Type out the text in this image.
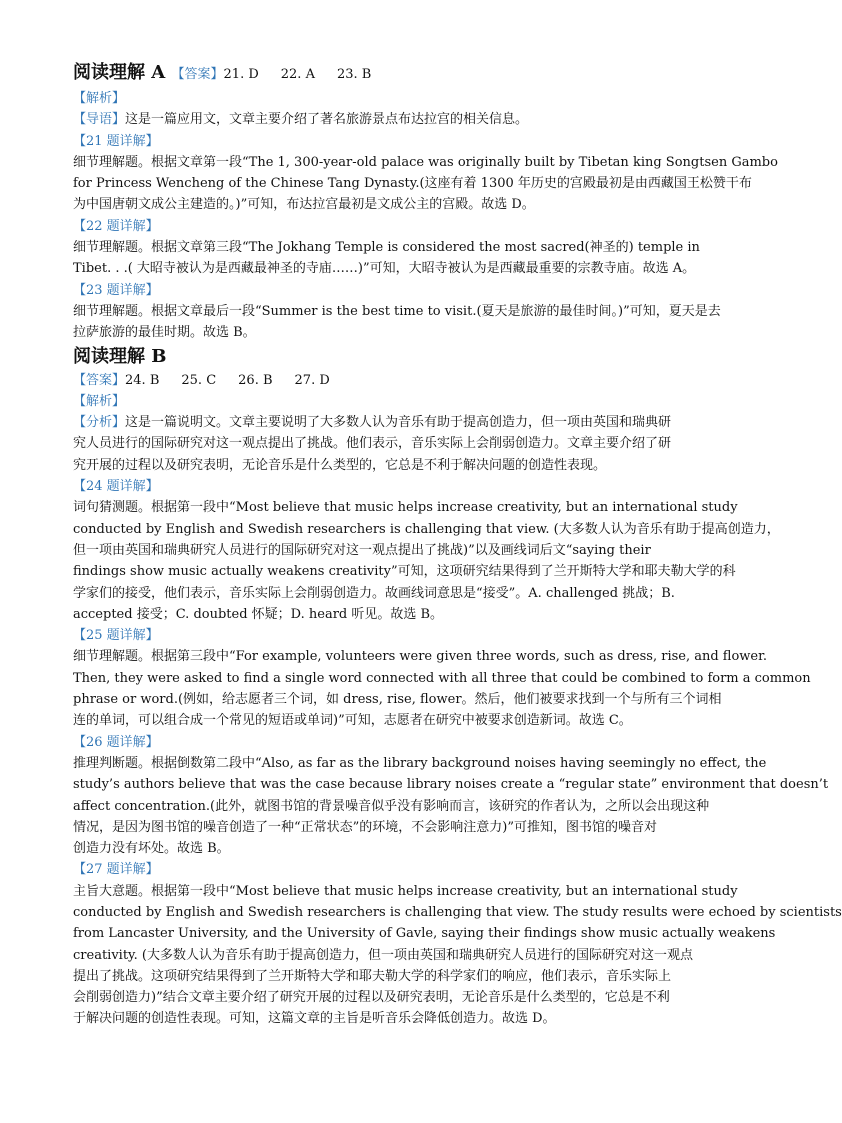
阅读理解 A 【答案】21. D 22. A 23. B
【解析】
【导语】这是一篇应用文，文章主要介绍了著名旅游景点布达拉宫的相关信息。
【21 题详解】
细节理解题。根据文章第一段“The 1, 300-year-old palace was originally built by Tibetan king Songtsen Gambo
for Princess Wencheng of the Chinese Tang Dynasty.(这座有着 1300 年历史的宫殿最初是由西藏国王松赞干布
为中国唐朝文成公主建造的。)”可知，布达拉宫最初是文成公主的宫殿。故选 D。
【22 题详解】
细节理解题。根据文章第三段“The Jokhang Temple is considered the most sacred(神圣的) temple in
Tibet. . .( 大昭寺被认为是西藏最神圣的寺庙……)”可知，大昭寺被认为是西藏最重要的宗教寺庙。故选 A。
【23 题详解】
细节理解题。根据文章最后一段“Summer is the best time to visit.(夏天是旅游的最佳时间。)”可知，夏天是去
拉萨旅游的最佳时期。故选 B。
阅读理解 B
【答案】24. B 25. C 26. B 27. D
【解析】
【分析】这是一篇说明文。文章主要说明了大多数人认为音乐有助于提高创造力，但一项由英国和瑞典研
究人员进行的国际研究对这一观点提出了挑战。他们表示，音乐实际上会削弱创造力。文章主要介绍了研
究开展的过程以及研究表明，无论音乐是什么类型的，它总是不利于解决问题的创造性表现。
【24 题详解】
词句猜测题。根据第一段中“Most believe that music helps increase creativity, but an international study
conducted by English and Swedish researchers is challenging that view. (大多数人认为音乐有助于提高创造力，
但一项由英国和瑞典研究人员进行的国际研究对这一观点提出了挑战)”以及画线词后文“saying their
findings show music actually weakens creativity”可知，这项研究结果得到了兰开斯特大学和耶夫勒大学的科
学家们的接受，他们表示，音乐实际上会削弱创造力。故画线词意思是“接受”。A. challenged 挑战；B.
accepted 接受；C. doubted 怀疑；D. heard 听见。故选 B。
【25 题详解】
细节理解题。根据第三段中“For example, volunteers were given three words, such as dress, rise, and flower.
Then, they were asked to find a single word connected with all three that could be combined to form a common
phrase or word.(例如，给志愿者三个词，如 dress, rise, flower。然后，他们被要求找到一个与所有三个词相
连的单词，可以组合成一个常见的短语或单词)”可知，志愿者在研究中被要求创造新词。故选 C。
【26 题详解】
推理判断题。根据倒数第二段中“Also, as far as the library background noises having seemingly no effect, the
study’s authors believe that was the case because library noises create a “regular state” environment that doesn’t
affect concentration.(此外，就图书馆的背景噪音似乎没有影响而言，该研究的作者认为，之所以会出现这种
情况，是因为图书馆的噪音创造了一种“正常状态”的环境，不会影响注意力)”可推知，图书馆的噪音对
创造力没有坏处。故选 B。
【27 题详解】
主旨大意题。根据第一段中“Most believe that music helps increase creativity, but an international study
conducted by English and Swedish researchers is challenging that view. The study results were echoed by scientists
from Lancaster University, and the University of Gavle, saying their findings show music actually weakens
creativity. (大多数人认为音乐有助于提高创造力，但一项由英国和瑞典研究人员进行的国际研究对这一观点
提出了挑战。这项研究结果得到了兰开斯特大学和耶夫勒大学的科学家们的响应，他们表示，音乐实际上
会削弱创造力)”结合文章主要介绍了研究开展的过程以及研究表明，无论音乐是什么类型的，它总是不利
于解决问题的创造性表现。可知，这篇文章的主旨是听音乐会降低创造力。故选 D。
